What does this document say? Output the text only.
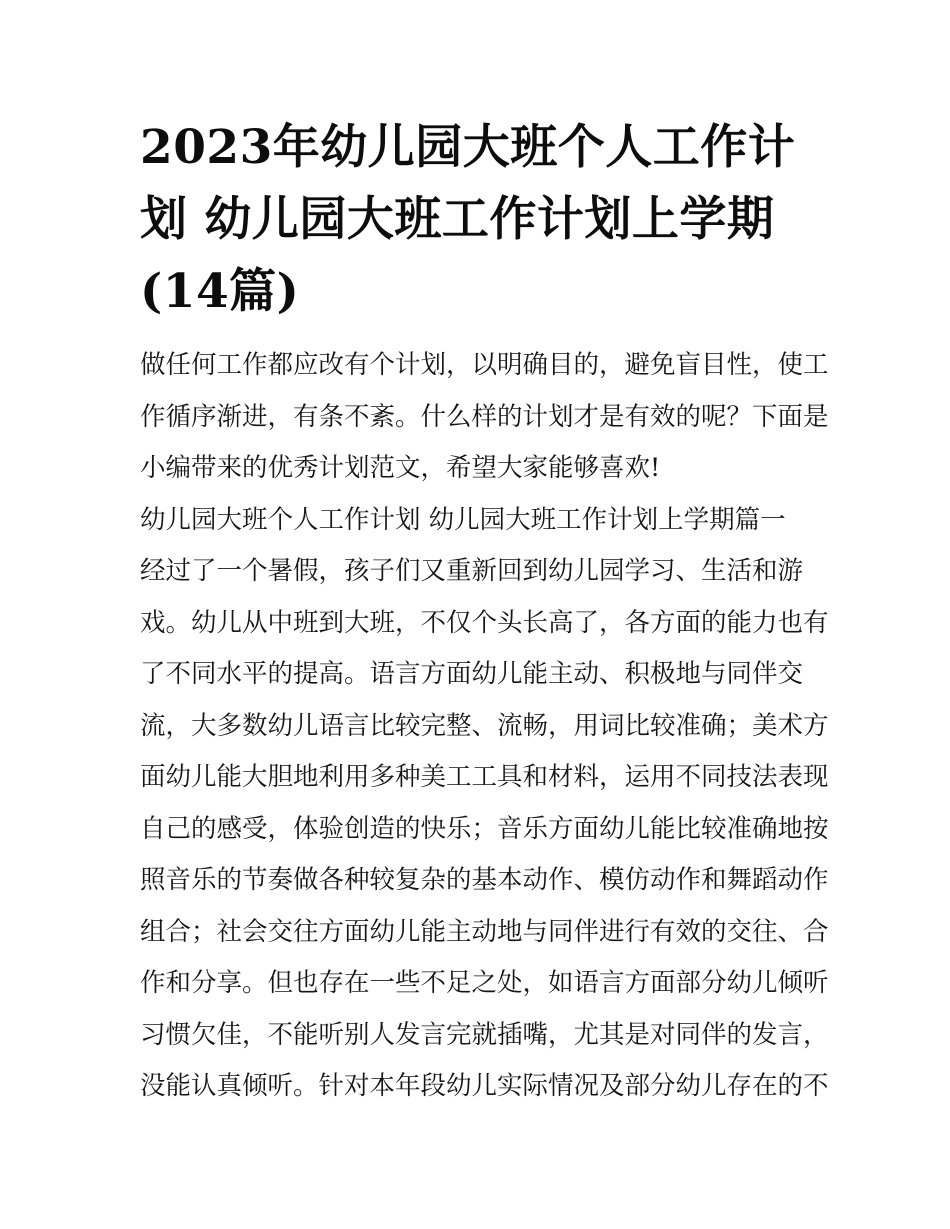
2023年幼儿园大班个人工作计
划 幼儿园大班工作计划上学期
(14篇)

做任何工作都应改有个计划，以明确目的，避免盲目性，使工
作循序渐进，有条不紊。什么样的计划才是有效的呢？下面是
小编带来的优秀计划范文，希望大家能够喜欢!

幼儿园大班个人工作计划 幼儿园大班工作计划上学期篇一

经过了一个暑假，孩子们又重新回到幼儿园学习、生活和游
戏。幼儿从中班到大班，不仅个头长高了，各方面的能力也有
了不同水平的提高。语言方面幼儿能主动、积极地与同伴交
流，大多数幼儿语言比较完整、流畅，用词比较准确；美术方
面幼儿能大胆地利用多种美工工具和材料，运用不同技法表现
自己的感受，体验创造的快乐；音乐方面幼儿能比较准确地按
照音乐的节奏做各种较复杂的基本动作、模仿动作和舞蹈动作
组合；社会交往方面幼儿能主动地与同伴进行有效的交往、合
作和分享。但也存在一些不足之处，如语言方面部分幼儿倾听
习惯欠佳，不能听别人发言完就插嘴，尤其是对同伴的发言，
没能认真倾听。针对本年段幼儿实际情况及部分幼儿存在的不
